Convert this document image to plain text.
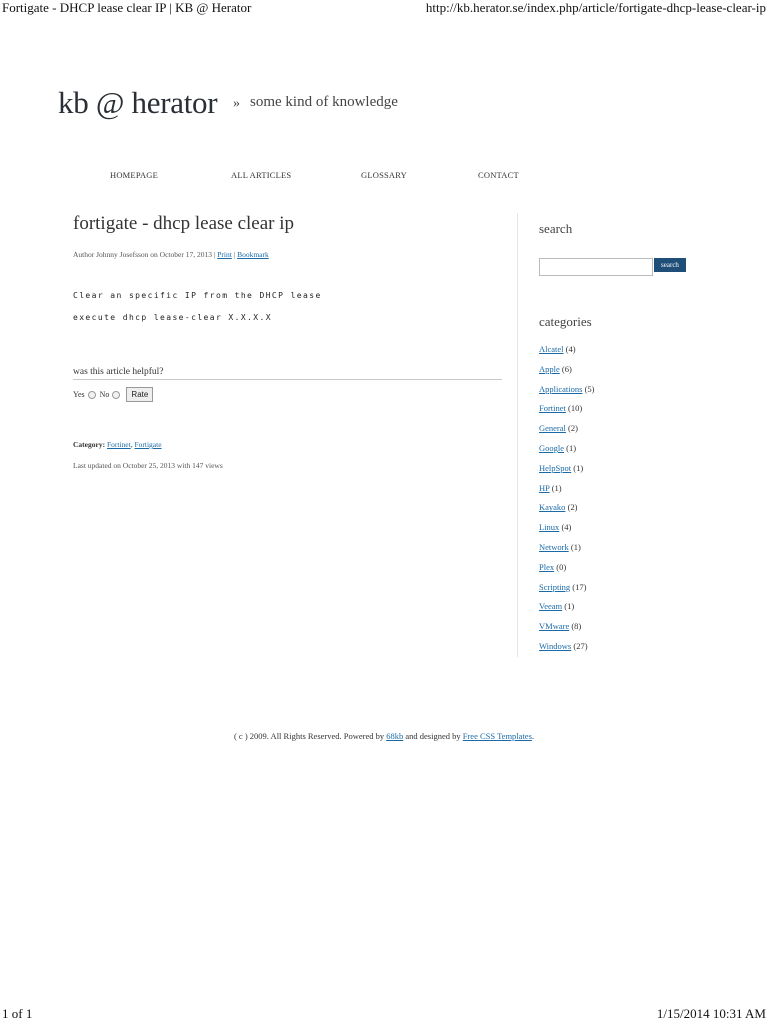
Fortigate - DHCP lease clear IP | KB @ Herator	http://kb.herator.se/index.php/article/fortigate-dhcp-lease-clear-ip
kb @ herator » some kind of knowledge
HOMEPAGE	ALL ARTICLES	GLOSSARY	CONTACT
fortigate - dhcp lease clear ip
Author Johnny Josefsson on October 17, 2013 | Print | Bookmark
Clear an specific IP from the DHCP lease
execute dhcp lease-clear X.X.X.X
was this article helpful?
Yes No	Rate
Category: Fortinet, Fortigate
Last updated on October 25, 2013 with 147 views
search
search
categories
Alcatel (4)
Apple (6)
Applications (5)
Fortinet (10)
General (2)
Google (1)
HelpSpot (1)
HP (1)
Kayako (2)
Linux (4)
Network (1)
Plex (0)
Scripting (17)
Veeam (1)
VMware (8)
Windows (27)
( c ) 2009. All Rights Reserved. Powered by 68kb and designed by Free CSS Templates.
1 of 1	1/15/2014 10:31 AM
